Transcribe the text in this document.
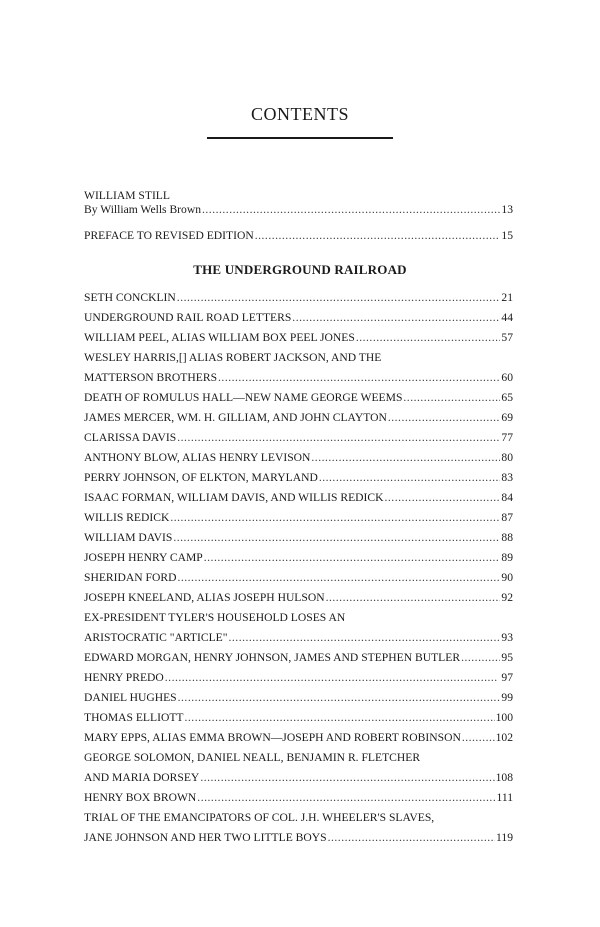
CONTENTS
WILLIAM STILL
By William Wells Brown . . .	13
PREFACE TO REVISED EDITION . . .	15
THE UNDERGROUND RAILROAD
SETH CONCKLIN . . .	21
UNDERGROUND RAIL ROAD LETTERS . . .	44
WILLIAM PEEL, ALIAS WILLIAM BOX PEEL JONES . . .	57
WESLEY HARRIS,[] ALIAS ROBERT JACKSON, AND THE
MATTERSON BROTHERS . . .	60
DEATH OF ROMULUS HALL—NEW NAME GEORGE WEEMS . . .	65
JAMES MERCER, WM. H. GILLIAM, AND JOHN CLAYTON . . .	69
CLARISSA DAVIS . . .	77
ANTHONY BLOW, ALIAS HENRY LEVISON . . .	80
PERRY JOHNSON, OF ELKTON, MARYLAND . . .	83
ISAAC FORMAN, WILLIAM DAVIS, AND WILLIS REDICK . . .	84
WILLIS REDICK . . .	87
WILLIAM DAVIS . . .	88
JOSEPH HENRY CAMP . . .	89
SHERIDAN FORD . . .	90
JOSEPH KNEELAND, ALIAS JOSEPH HULSON . . .	92
EX-PRESIDENT TYLER'S HOUSEHOLD LOSES AN
ARISTOCRATIC "ARTICLE" . . .	93
EDWARD MORGAN, HENRY JOHNSON, JAMES AND STEPHEN BUTLER . . .	95
HENRY PREDO . . .	97
DANIEL HUGHES . . .	99
THOMAS ELLIOTT . . .	100
MARY EPPS, ALIAS EMMA BROWN—JOSEPH AND ROBERT ROBINSON . . .	102
GEORGE SOLOMON, DANIEL NEALL, BENJAMIN R. FLETCHER
AND MARIA DORSEY . . .	108
HENRY BOX BROWN . . .	111
TRIAL OF THE EMANCIPATORS OF COL. J.H. WHEELER'S SLAVES,
JANE JOHNSON AND HER TWO LITTLE BOYS . . .	119
